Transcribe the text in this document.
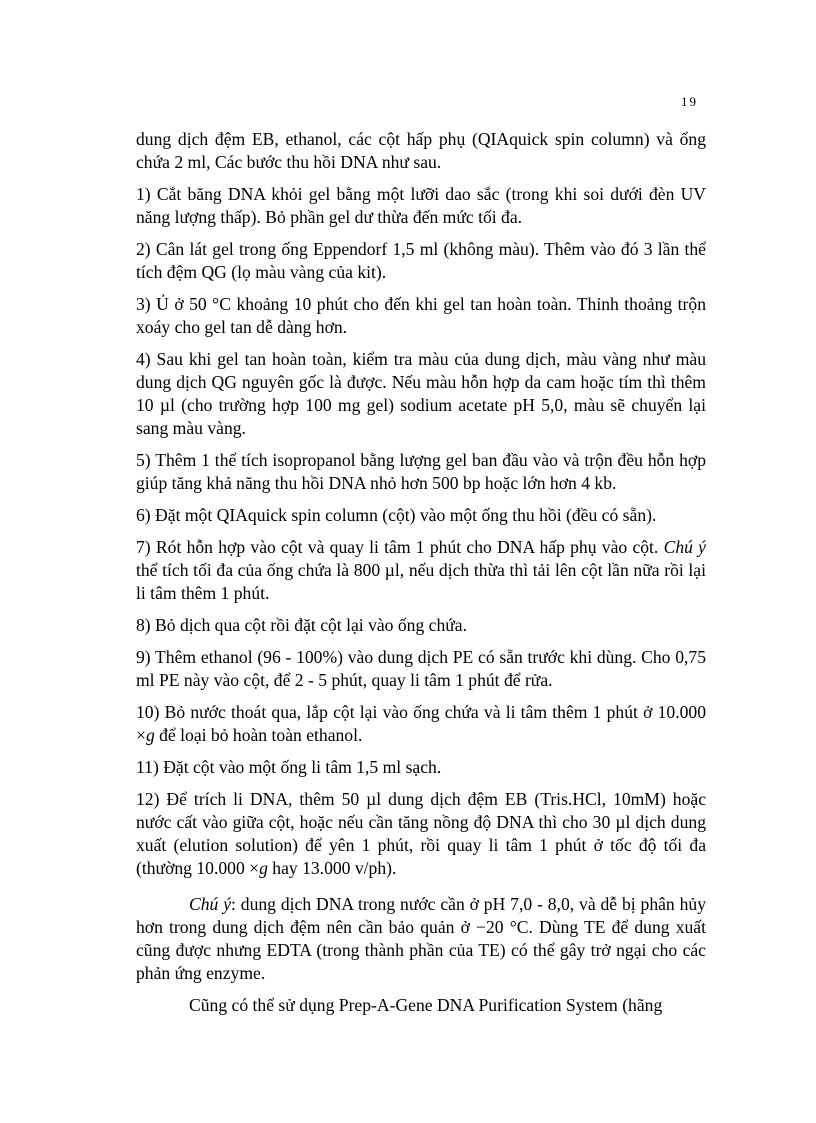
19

dung dịch đệm EB, ethanol, các cột hấp phụ (QIAquick spin column) và ống chứa 2 ml, Các bước thu hồi DNA như sau.

1) Cắt băng DNA khỏi gel bằng một lưỡi dao sắc (trong khi soi dưới đèn UV năng lượng thấp). Bỏ phần gel dư thừa đến mức tối đa.

2) Cân lát gel trong ống Eppendorf 1,5 ml (không màu). Thêm vào đó 3 lần thể tích đệm QG (lọ màu vàng của kit).

3) Ủ ở 50 °C khoảng 10 phút cho đến khi gel tan hoàn toàn. Thỉnh thoảng trộn xoáy cho gel tan dễ dàng hơn.

4) Sau khi gel tan hoàn toàn, kiểm tra màu của dung dịch, màu vàng như màu dung dịch QG nguyên gốc là được. Nếu màu hỗn hợp da cam hoặc tím thì thêm 10 µl (cho trường hợp 100 mg gel) sodium acetate pH 5,0, màu sẽ chuyển lại sang màu vàng.

5) Thêm 1 thể tích isopropanol bằng lượng gel ban đầu vào và trộn đều hỗn hợp giúp tăng khả năng thu hồi DNA nhỏ hơn 500 bp hoặc lớn hơn 4 kb.

6) Đặt một QIAquick spin column (cột) vào một ống thu hồi (đều có sẵn).

7) Rót hỗn hợp vào cột và quay li tâm 1 phút cho DNA hấp phụ vào cột. Chú ý thể tích tối đa của ống chứa là 800 µl, nếu dịch thừa thì tải lên cột lần nữa rồi lại li tâm thêm 1 phút.

8) Bỏ dịch qua cột rồi đặt cột lại vào ống chứa.

9) Thêm ethanol (96 - 100%) vào dung dịch PE có sẵn trước khi dùng. Cho 0,75 ml PE này vào cột, để 2 - 5 phút, quay li tâm 1 phút để rửa.

10) Bỏ nước thoát qua, lắp cột lại vào ống chứa và li tâm thêm 1 phút ở 10.000 ×g để loại bỏ hoàn toàn ethanol.

11) Đặt cột vào một ống li tâm 1,5 ml sạch.

12) Để trích li DNA, thêm 50 µl dung dịch đệm EB (Tris.HCl, 10mM) hoặc nước cất vào giữa cột, hoặc nếu cần tăng nồng độ DNA thì cho 30 µl dịch dung xuất (elution solution) để yên 1 phút, rồi quay li tâm 1 phút ở tốc độ tối đa (thường 10.000 ×g hay 13.000 v/ph).

Chú ý: dung dịch DNA trong nước cần ở pH 7,0 - 8,0, và dễ bị phân hủy hơn trong dung dịch đệm nên cần bảo quản ở −20 °C. Dùng TE để dung xuất cũng được nhưng EDTA (trong thành phần của TE) có thể gây trở ngại cho các phản ứng enzyme.

Cũng có thể sử dụng Prep-A-Gene DNA Purification System (hãng
